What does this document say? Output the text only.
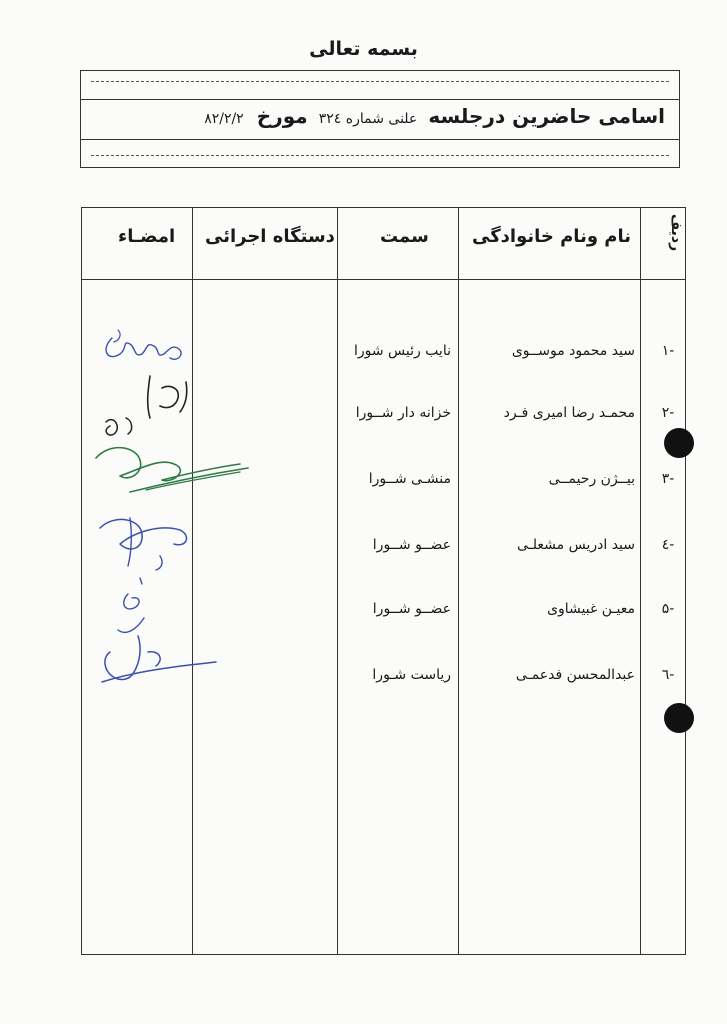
بسمه تعالی
اسامی حاضرین درجلسه علنی شماره ۳۲٤ مورخ ۸۲/۲/۲
ردیف
نام ونام خانوادگی
سمت
دستگاه اجرائی
امضـاء
-۱
سید محمود موســوی
نایب رئیس شورا
-۲
محمـد رضا امیری فـرد
خزانه دار شــورا
-۳
بیــژن رحیمــی
منشـی شــورا
-٤
سید ادریس مشعلـی
عضــو شــورا
-۵
معیـن غبیشاوی
عضــو شــورا
-٦
عبدالمحسن فدعمـی
ریاست شـورا
